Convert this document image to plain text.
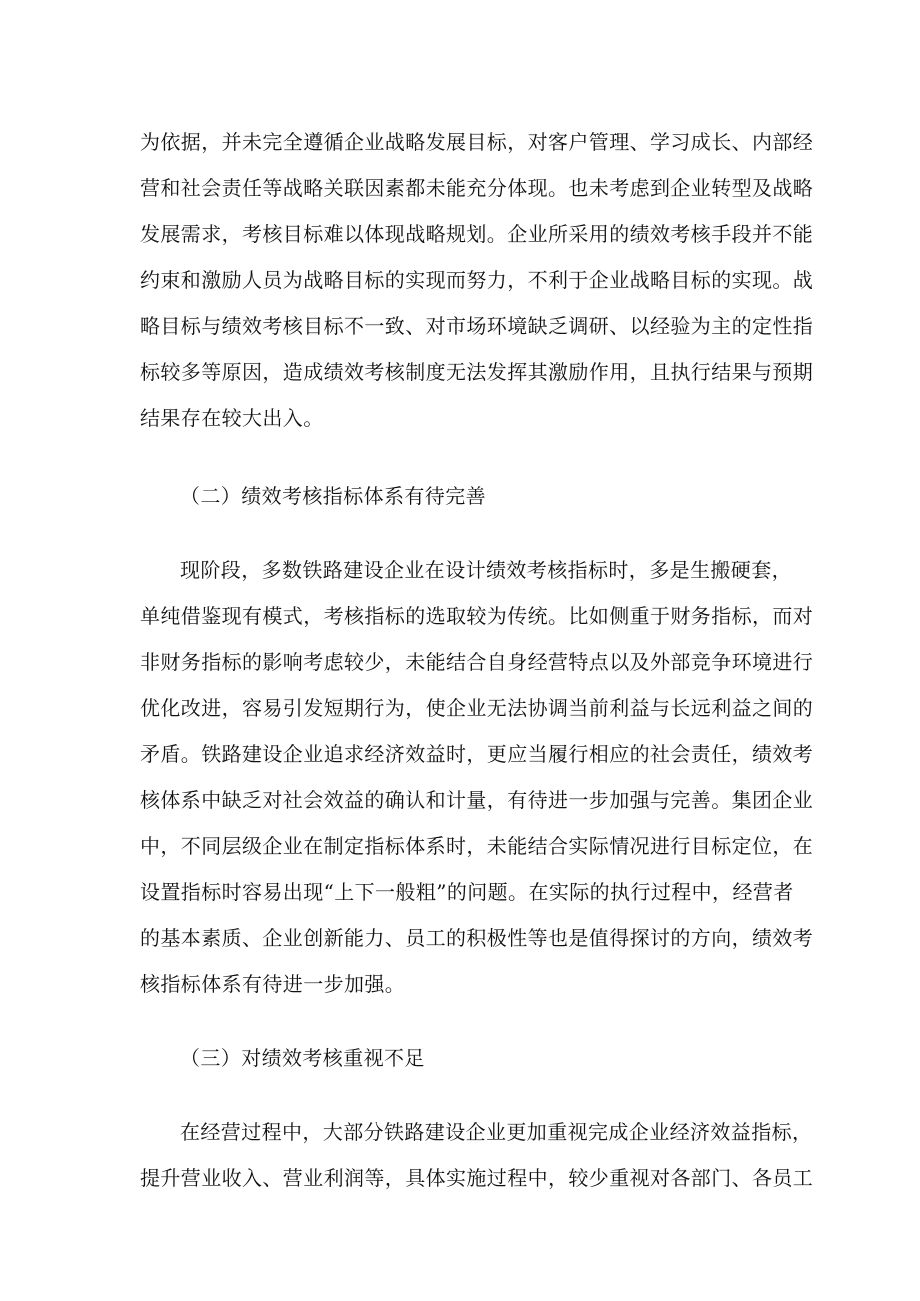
为依据，并未完全遵循企业战略发展目标，对客户管理、学习成长、内部经
营和社会责任等战略关联因素都未能充分体现。也未考虑到企业转型及战略
发展需求，考核目标难以体现战略规划。企业所采用的绩效考核手段并不能
约束和激励人员为战略目标的实现而努力，不利于企业战略目标的实现。战
略目标与绩效考核目标不一致、对市场环境缺乏调研、以经验为主的定性指
标较多等原因，造成绩效考核制度无法发挥其激励作用，且执行结果与预期
结果存在较大出入。
（二）绩效考核指标体系有待完善
现阶段，多数铁路建设企业在设计绩效考核指标时，多是生搬硬套，
单纯借鉴现有模式，考核指标的选取较为传统。比如侧重于财务指标，而对
非财务指标的影响考虑较少，未能结合自身经营特点以及外部竞争环境进行
优化改进，容易引发短期行为，使企业无法协调当前利益与长远利益之间的
矛盾。铁路建设企业追求经济效益时，更应当履行相应的社会责任，绩效考
核体系中缺乏对社会效益的确认和计量，有待进一步加强与完善。集团企业
中，不同层级企业在制定指标体系时，未能结合实际情况进行目标定位，在
设置指标时容易出现“上下一般粗”的问题。在实际的执行过程中，经营者
的基本素质、企业创新能力、员工的积极性等也是值得探讨的方向，绩效考
核指标体系有待进一步加强。
（三）对绩效考核重视不足
在经营过程中，大部分铁路建设企业更加重视完成企业经济效益指标，
提升营业收入、营业利润等，具体实施过程中，较少重视对各部门、各员工
